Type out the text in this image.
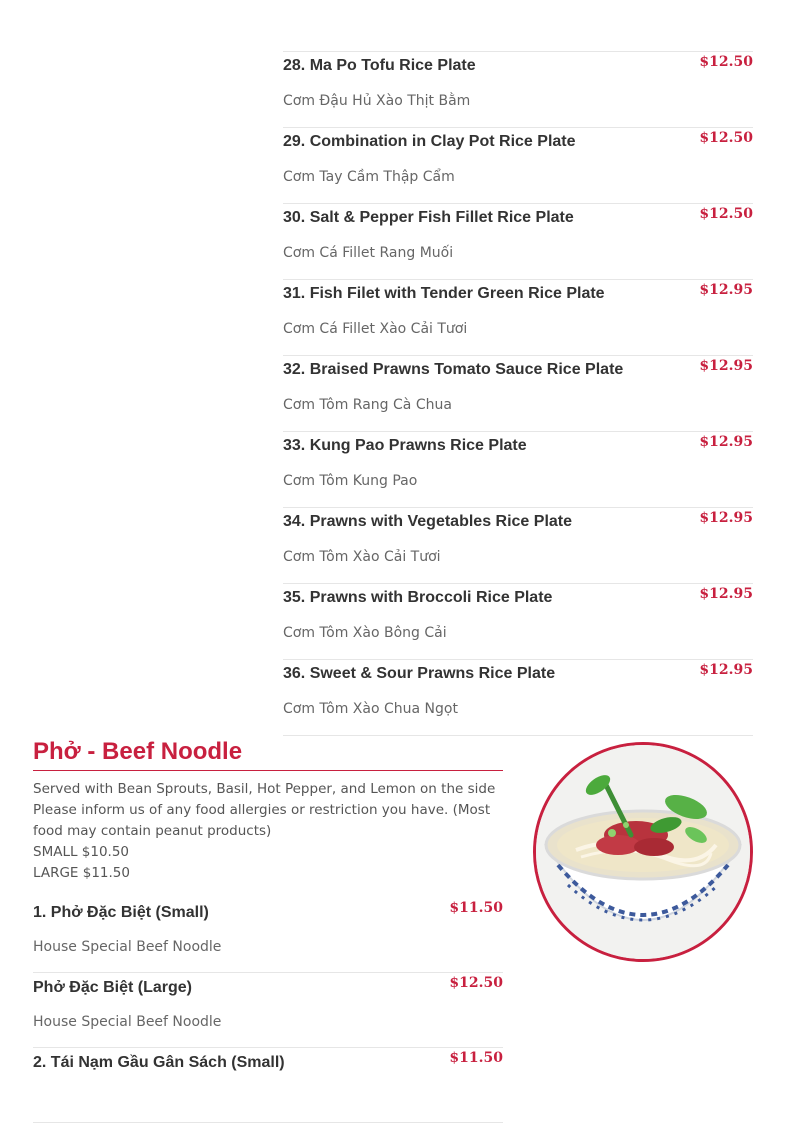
28. Ma Po Tofu Rice Plate	$12.50
Cơm Đậu Hủ Xào Thịt Bằm
29. Combination in Clay Pot Rice Plate	$12.50
Cơm Tay Cầm Thập Cẩm
30. Salt & Pepper Fish Fillet Rice Plate	$12.50
Cơm Cá Fillet Rang Muối
31. Fish Filet with Tender Green Rice Plate	$12.95
Cơm Cá Fillet Xào Cải Tươi
32. Braised Prawns Tomato Sauce Rice Plate	$12.95
Cơm Tôm Rang Cà Chua
33. Kung Pao Prawns Rice Plate	$12.95
Cơm Tôm Kung Pao
34. Prawns with Vegetables Rice Plate	$12.95
Cơm Tôm Xào Cải Tươi
35. Prawns with Broccoli Rice Plate	$12.95
Cơm Tôm Xào Bông Cải
36. Sweet & Sour Prawns Rice Plate	$12.95
Cơm Tôm Xào Chua Ngọt
Phở - Beef Noodle
Served with Bean Sprouts, Basil, Hot Pepper, and Lemon on the side
Please inform us of any food allergies or restriction you have. (Most food may contain peanut products)
SMALL $10.50
LARGE $11.50
1. Phở Đặc Biệt (Small)	$11.50
House Special Beef Noodle
Phở Đặc Biệt (Large)	$12.50
House Special Beef Noodle
2. Tái Nạm Gầu Gân Sách (Small)	$11.50
